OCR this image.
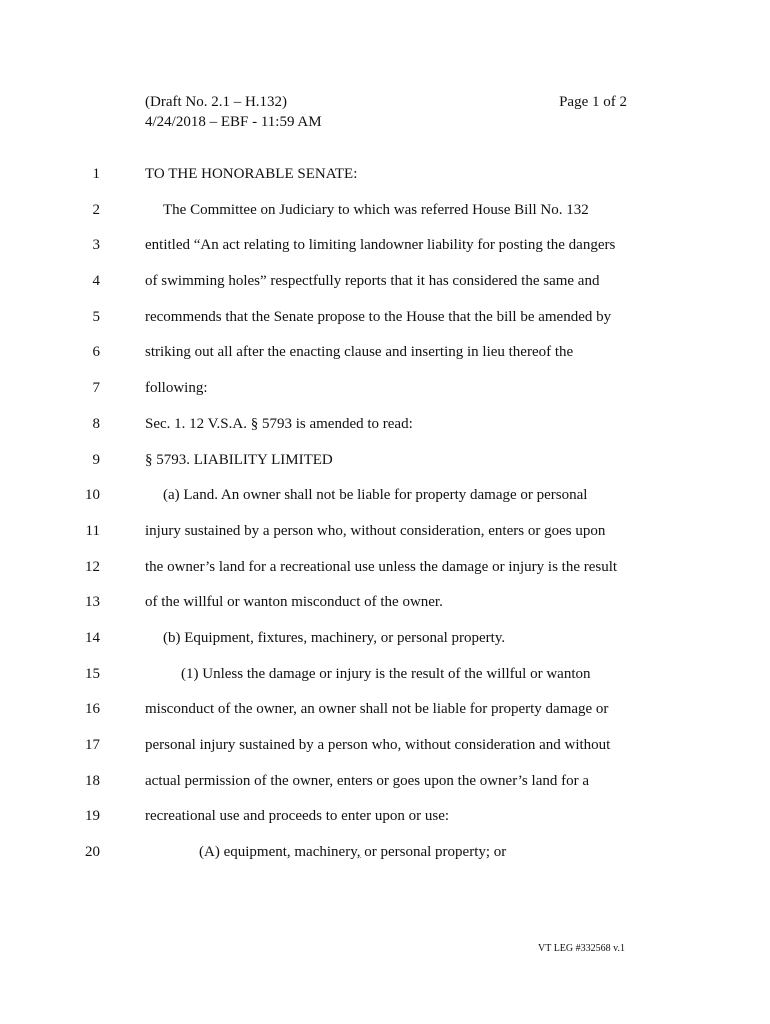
(Draft No. 2.1 – H.132)
4/24/2018 – EBF - 11:59 AM
Page 1 of 2
1	TO THE HONORABLE SENATE:
2	The Committee on Judiciary to which was referred House Bill No. 132
3	entitled “An act relating to limiting landowner liability for posting the dangers
4	of swimming holes” respectfully reports that it has considered the same and
5	recommends that the Senate propose to the House that the bill be amended by
6	striking out all after the enacting clause and inserting in lieu thereof the
7	following:
8	Sec. 1. 12 V.S.A. § 5793 is amended to read:
9	§ 5793. LIABILITY LIMITED
10	(a) Land. An owner shall not be liable for property damage or personal
11	injury sustained by a person who, without consideration, enters or goes upon
12	the owner’s land for a recreational use unless the damage or injury is the result
13	of the willful or wanton misconduct of the owner.
14	(b) Equipment, fixtures, machinery, or personal property.
15	(1) Unless the damage or injury is the result of the willful or wanton
16	misconduct of the owner, an owner shall not be liable for property damage or
17	personal injury sustained by a person who, without consideration and without
18	actual permission of the owner, enters or goes upon the owner’s land for a
19	recreational use and proceeds to enter upon or use:
20	(A) equipment, machinery, or personal property; or
VT LEG #332568 v.1
